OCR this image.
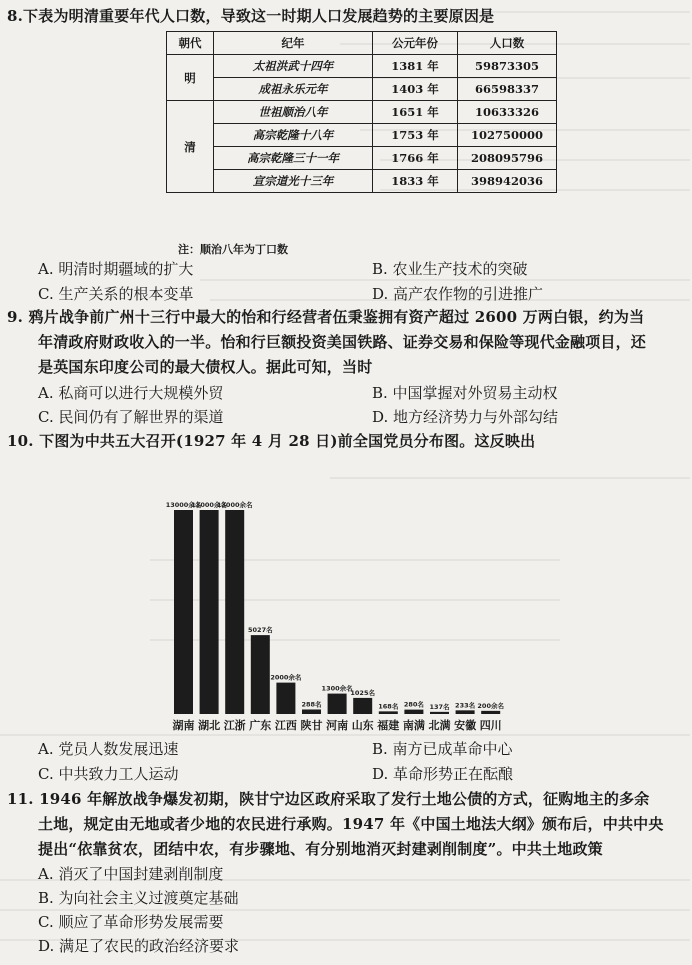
8.下表为明清重要年代人口数，导致这一时期人口发展趋势的主要原因是
朝代	纪年	公元年份	人口数
明	太祖洪武十四年	1381 年	59873305
	成祖永乐元年	1403 年	66598337
清	世祖顺治八年	1651 年	10633326
	高宗乾隆十八年	1753 年	102750000
	高宗乾隆三十一年	1766 年	208095796
	宣宗道光十三年	1833 年	398942036
注：顺治八年为丁口数
A. 明清时期疆域的扩大	B. 农业生产技术的突破
C. 生产关系的根本变革	D. 高产农作物的引进推广
9. 鸦片战争前广州十三行中最大的怡和行经营者伍秉鉴拥有资产超过 2600 万两白银，约为当
年清政府财政收入的一半。怡和行巨额投资美国铁路、证券交易和保险等现代金融项目，还
是英国东印度公司的最大债权人。据此可知，当时
A. 私商可以进行大规模外贸	B. 中国掌握对外贸易主动权
C. 民间仍有了解世界的渠道	D. 地方经济势力与外部勾结
10. 下图为中共五大召开(1927 年 4 月 28 日)前全国党员分布图。这反映出
13000余名
湖南
13000余名
湖北
13000余名
江浙
5027名
广东
2000余名
江西
288名
陕甘
1300余名
河南
1025名
山东
168名
福建
280名
南满
137名
北满
233名
安徽
200余名
四川
A. 党员人数发展迅速	B. 南方已成革命中心
C. 中共致力工人运动	D. 革命形势正在酝酿
11. 1946 年解放战争爆发初期，陕甘宁边区政府采取了发行土地公债的方式，征购地主的多余
土地，规定由无地或者少地的农民进行承购。1947 年《中国土地法大纲》颁布后，中共中央
提出“依靠贫农，团结中农，有步骤地、有分别地消灭封建剥削制度”。中共土地政策
A. 消灭了中国封建剥削制度
B. 为向社会主义过渡奠定基础
C. 顺应了革命形势发展需要
D. 满足了农民的政治经济要求
